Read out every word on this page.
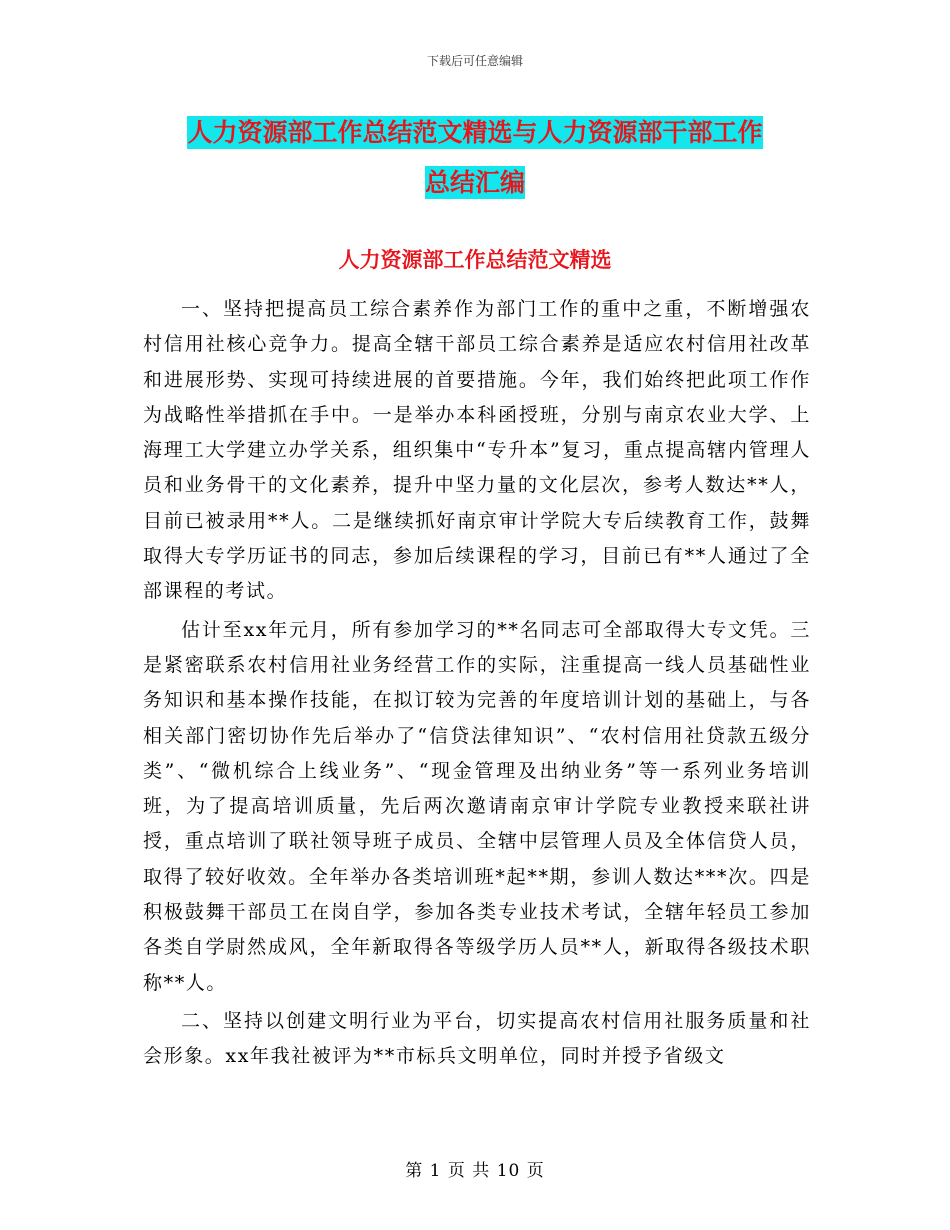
下载后可任意编辑
人力资源部工作总结范文精选与人力资源部干部工作
总结汇编
人力资源部工作总结范文精选

一、坚持把提高员工综合素养作为部门工作的重中之重，不断增强农村信用社核心竞争力。提高全辖干部员工综合素养是适应农村信用社改革和进展形势、实现可持续进展的首要措施。今年，我们始终把此项工作作为战略性举措抓在手中。一是举办本科函授班，分别与南京农业大学、上海理工大学建立办学关系，组织集中“专升本”复习，重点提高辖内管理人员和业务骨干的文化素养，提升中坚力量的文化层次，参考人数达**人，目前已被录用**人。二是继续抓好南京审计学院大专后续教育工作，鼓舞取得大专学历证书的同志，参加后续课程的学习，目前已有**人通过了全部课程的考试。

估计至xx年元月，所有参加学习的**名同志可全部取得大专文凭。三是紧密联系农村信用社业务经营工作的实际，注重提高一线人员基础性业务知识和基本操作技能，在拟订较为完善的年度培训计划的基础上，与各相关部门密切协作先后举办了“信贷法律知识”、“农村信用社贷款五级分类”、“微机综合上线业务”、“现金管理及出纳业务”等一系列业务培训班，为了提高培训质量，先后两次邀请南京审计学院专业教授来联社讲授，重点培训了联社领导班子成员、全辖中层管理人员及全体信贷人员，取得了较好收效。全年举办各类培训班*起**期，参训人数达***次。四是积极鼓舞干部员工在岗自学，参加各类专业技术考试，全辖年轻员工参加各类自学尉然成风，全年新取得各等级学历人员**人，新取得各级技术职称**人。

二、坚持以创建文明行业为平台，切实提高农村信用社服务质量和社会形象。xx年我社被评为**市标兵文明单位，同时并授予省级文

第 1 页 共 10 页
